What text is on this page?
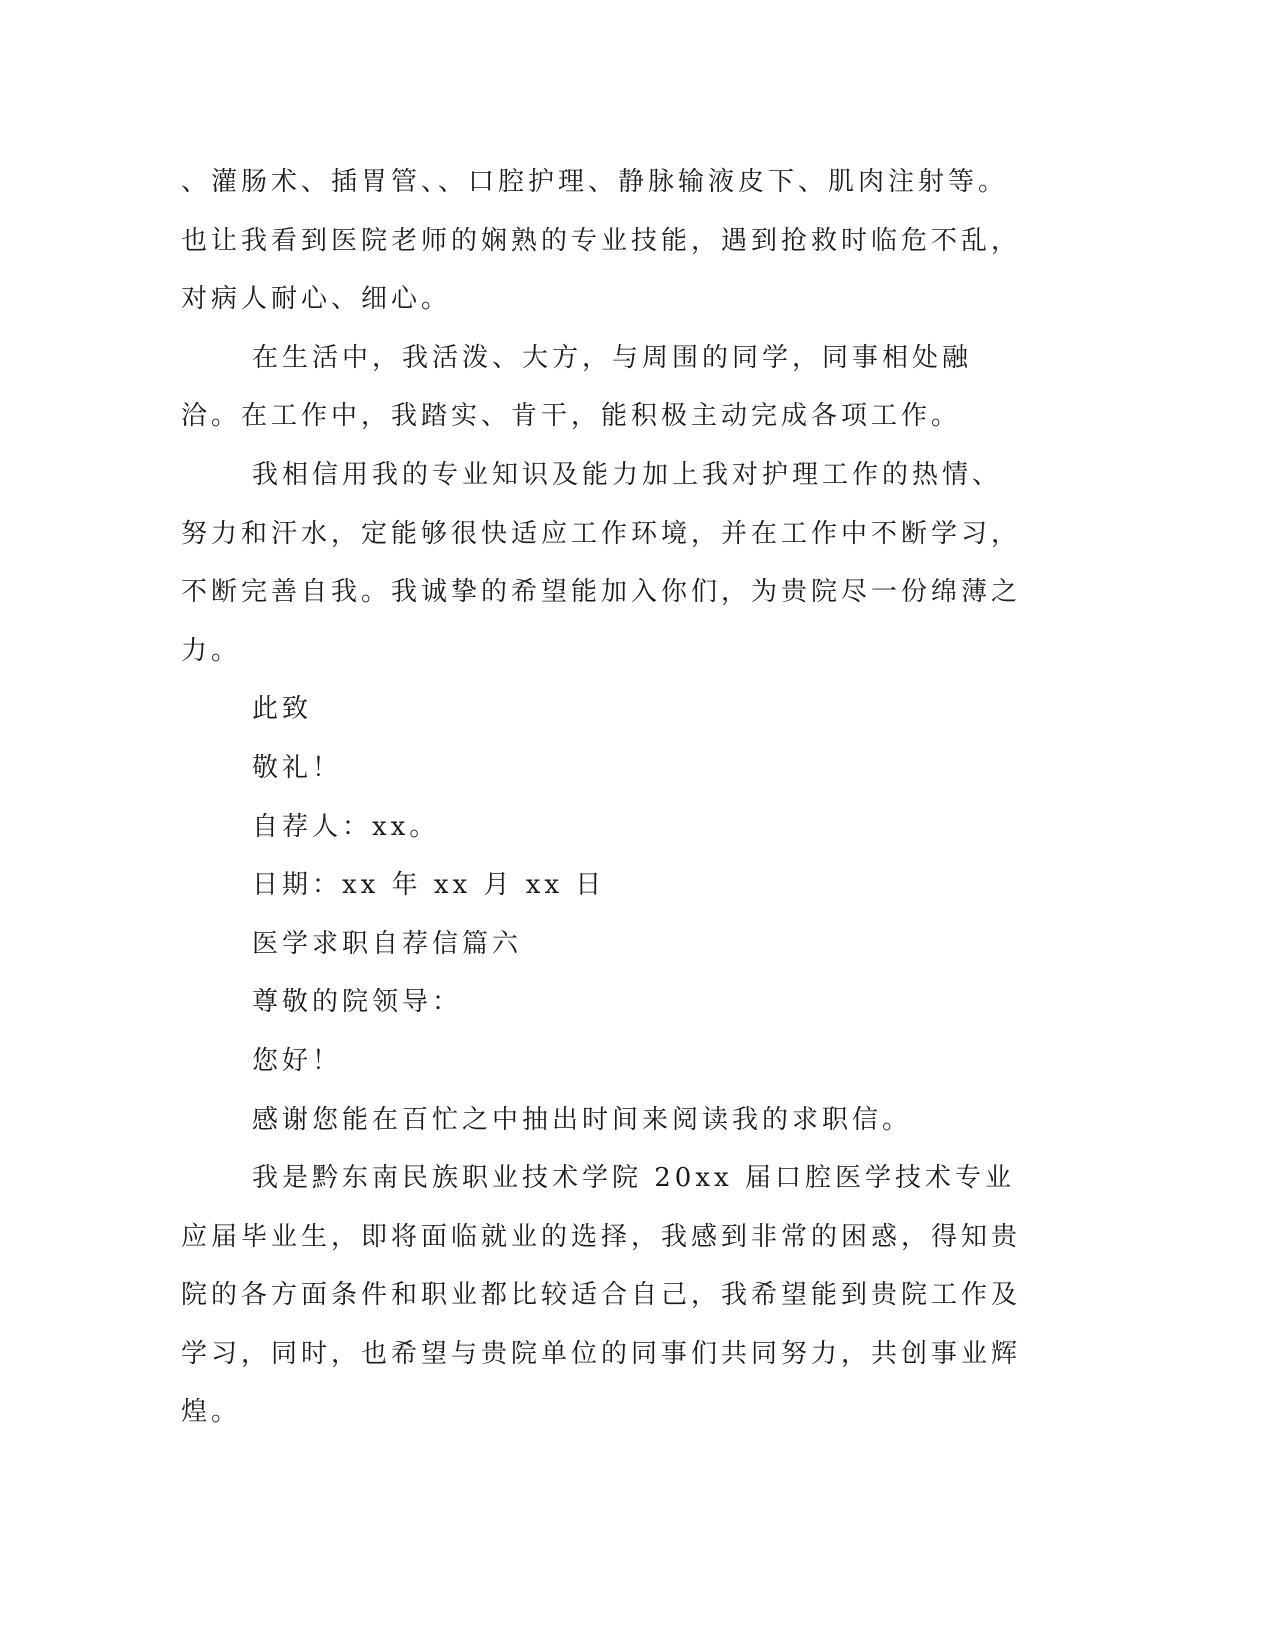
、灌肠术、插胃管、、口腔护理、静脉输液皮下、肌肉注射等。也让我看到医院老师的娴熟的专业技能，遇到抢救时临危不乱，对病人耐心、细心。

在生活中，我活泼、大方，与周围的同学，同事相处融洽。在工作中，我踏实、肯干，能积极主动完成各项工作。

我相信用我的专业知识及能力加上我对护理工作的热情、努力和汗水，定能够很快适应工作环境，并在工作中不断学习，不断完善自我。我诚挚的希望能加入你们，为贵院尽一份绵薄之力。

此致

敬礼！

自荐人：xx。

日期：xx 年 xx 月 xx 日

医学求职自荐信篇六

尊敬的院领导：

您好！

感谢您能在百忙之中抽出时间来阅读我的求职信。

我是黔东南民族职业技术学院 20xx 届口腔医学技术专业应届毕业生，即将面临就业的选择，我感到非常的困惑，得知贵院的各方面条件和职业都比较适合自己，我希望能到贵院工作及学习，同时，也希望与贵院单位的同事们共同努力，共创事业辉煌。
